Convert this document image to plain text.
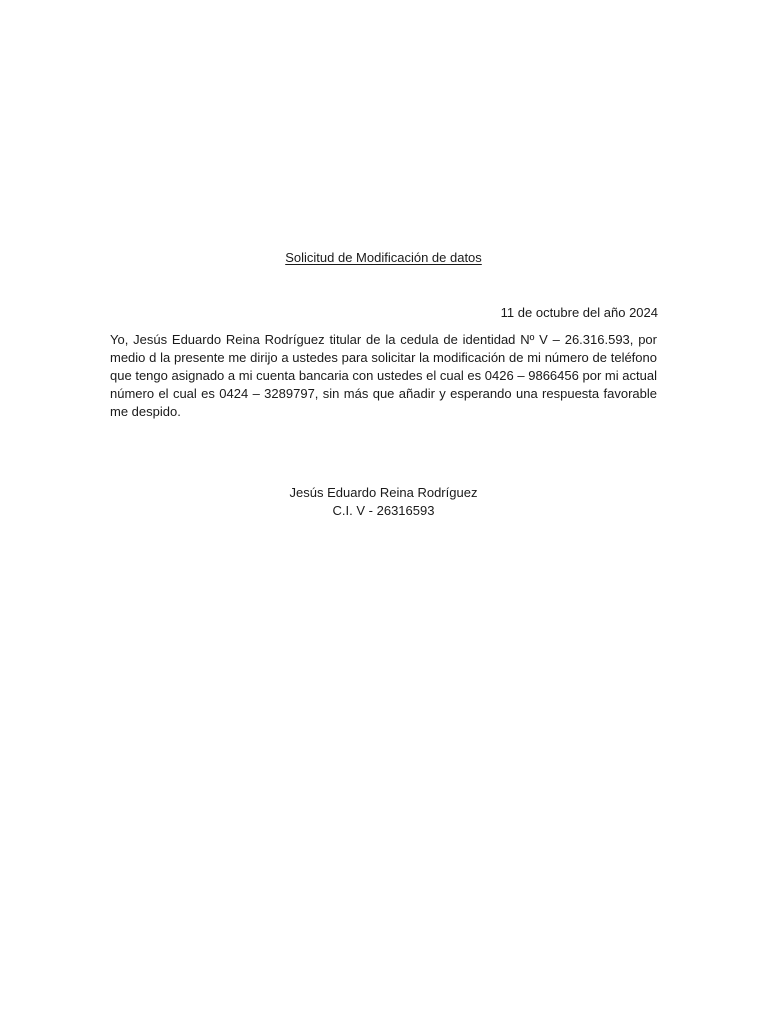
Solicitud de Modificación de datos
11 de octubre del año 2024

Yo, Jesús Eduardo Reina Rodríguez titular de la cedula de identidad Nº V – 26.316.593, por medio d la presente me dirijo a ustedes para solicitar la modificación de mi número de teléfono que tengo asignado a mi cuenta bancaria con ustedes el cual es 0426 – 9866456 por mi actual número el cual es 0424 – 3289797, sin más que añadir y esperando una respuesta favorable me despido.

Jesús Eduardo Reina Rodríguez
C.I. V - 26316593
